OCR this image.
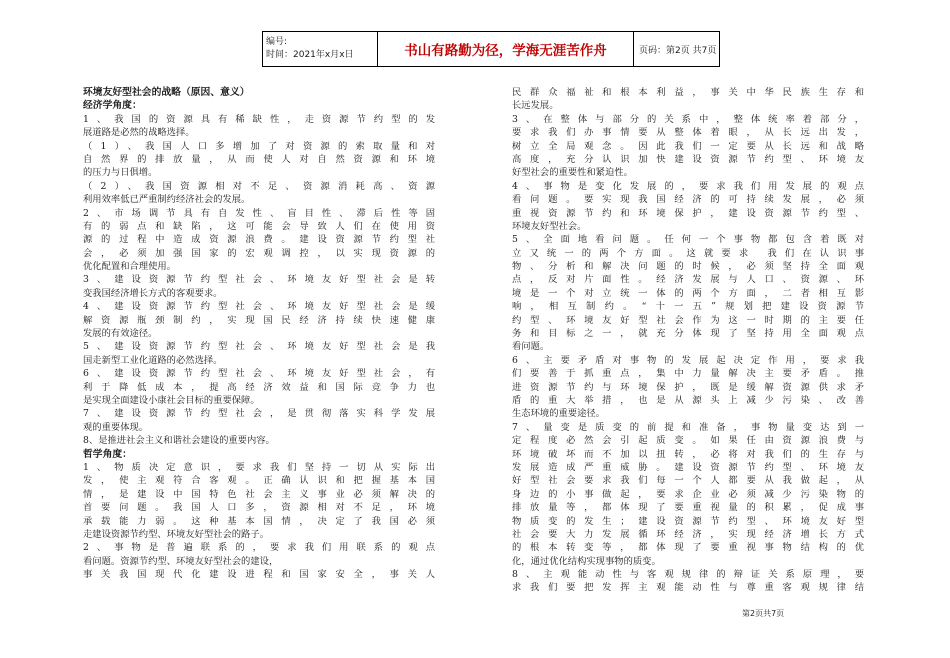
编号:
时间：2021年x月x日	书山有路勤为径，学海无涯苦作舟	页码：第2页 共7页
环境友好型社会的战略（原因、意义）
经济学角度：
1、我国的资源具有稀缺性，走资源节约型的发
展道路是必然的战略选择。
（1）、我国人口多增加了对资源的索取量和对
自然界的排放量，从而使人对自然资源和环境
的压力与日俱增。
（2）、我国资源相对不足、资源消耗高、资源
利用效率低已严重制约经济社会的发展。
2、市场调节具有自发性、盲目性、滞后性等固
有的弱点和缺陷，这可能会导致人们在使用资
源的过程中造成资源浪费。建设资源节约型社
会，必须加强国家的宏观调控，以实现资源的
优化配置和合理使用。
3、建设资源节约型社会、环境友好型社会是转
变我国经济增长方式的客观要求。
4、建设资源节约型社会、环境友好型社会是缓
解资源瓶颈制约，实现国民经济持续快速健康
发展的有效途径。
5、建设资源节约型社会、环境友好型社会是我
国走新型工业化道路的必然选择。
6、建设资源节约型社会、环境友好型社会，有
利于降低成本，提高经济效益和国际竞争力也
是实现全面建设小康社会目标的重要保障。
7、建设资源节约型社会，是贯彻落实科学发展
观的重要体现。
8、是推进社会主义和谐社会建设的重要内容。
哲学角度：
1、物质决定意识，要求我们坚持一切从实际出
发，使主观符合客观。正确认识和把握基本国
情，是建设中国特色社会主义事业必须解决的
首要问题。我国人口多，资源相对不足，环境
承载能力弱。这种基本国情，决定了我国必须
走建设资源节约型、环境友好型社会的路子。
2、事物是普遍联系的，要求我们用联系的观点
看问题。资源节约型、环境友好型社会的建设，
事关我国现代化建设进程和国家安全，事关人
民群众福祉和根本利益，事关中华民族生存和
长远发展。
3、在整体与部分的关系中，整体统率着部分，
要求我们办事情要从整体着眼，从长远出发，
树立全局观念。因此我们一定要从长远和战略
高度，充分认识加快建设资源节约型、环境友
好型社会的重要性和紧迫性。
4、事物是变化发展的，要求我们用发展的观点
看问题。要实现我国经济的可持续发展，必须
重视资源节约和环境保护，建设资源节约型、
环境友好型社会。
5、全面地看问题。任何一个事物都包含着既对
立又统一的两个方面。这就要求 我们在认识事
物、分析和解决问题的时候，必须坚持全面观
点，反对片面性。经济发展与人口、资源、环
境是一个对立统一体的两个方面，二者相互影
响，相互制约。“十一五”规划把建设资源节
约型、环境友好型社会作为这一时期的主要任
务和目标之一，就充分体现了坚持用全面观点
看问题。
6、主要矛盾对事物的发展起决定作用，要求我
们要善于抓重点，集中力量解决主要矛盾。推
进资源节约与环境保护，既是缓解资源供求矛
盾的重大举措，也是从源头上减少污染、改善
生态环境的重要途径。
7、量变是质变的前提和准备，事物量变达到一
定程度必然会引起质变。如果任由资源浪费与
环境破坏而不加以扭转，必将对我们的生存与
发展造成严重威胁。建设资源节约型、环境友
好型社会要求我们每一个人都要从我做起，从
身边的小事做起，要求企业必须减少污染物的
排放量等，都体现了要重视量的积累，促成事
物质变的发生；建设资源节约型、环境友好型
社会要大力发展循环经济，实现经济增长方式
的根本转变等，都体现了要重视事物结构的优
化，通过优化结构实现事物的质变。
8、主观能动性与客观规律的辩证关系原理，要
求我们要把发挥主观能动性与尊重客观规律结
第2页共7页
